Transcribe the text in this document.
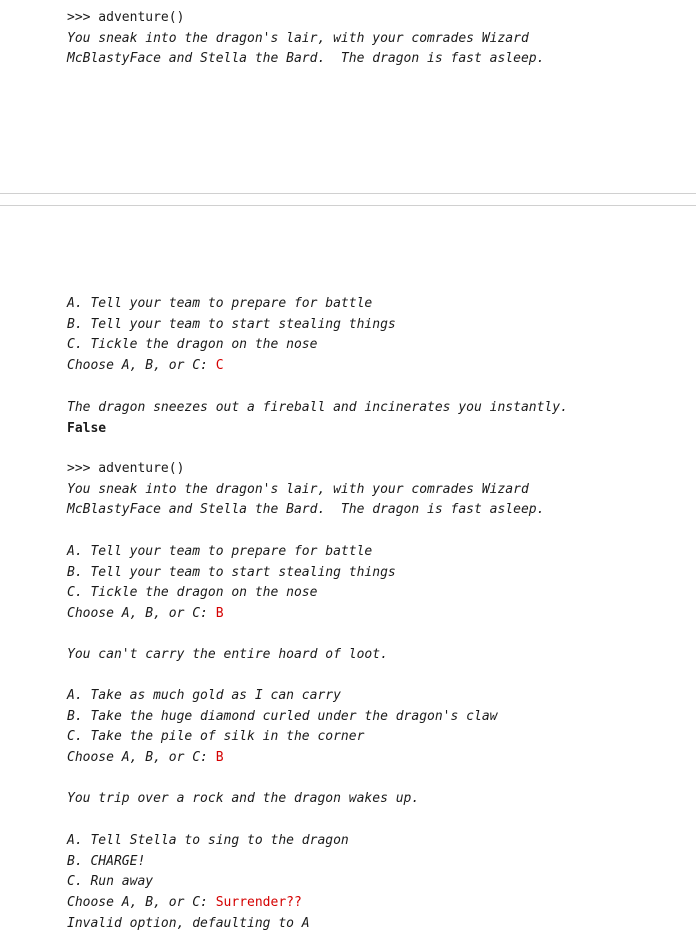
>>> adventure()
You sneak into the dragon's lair, with your comrades Wizard
McBlastyFace and Stella the Bard.  The dragon is fast asleep.
A. Tell your team to prepare for battle
B. Tell your team to start stealing things
C. Tickle the dragon on the nose
Choose A, B, or C: C
The dragon sneezes out a fireball and incinerates you instantly.
False
>>> adventure()
You sneak into the dragon's lair, with your comrades Wizard
McBlastyFace and Stella the Bard.  The dragon is fast asleep.
A. Tell your team to prepare for battle
B. Tell your team to start stealing things
C. Tickle the dragon on the nose
Choose A, B, or C: B
You can't carry the entire hoard of loot.
A. Take as much gold as I can carry
B. Take the huge diamond curled under the dragon's claw
C. Take the pile of silk in the corner
Choose A, B, or C: B
You trip over a rock and the dragon wakes up.
A. Tell Stella to sing to the dragon
B. CHARGE!
C. Run away
Choose A, B, or C: Surrender??
Invalid option, defaulting to A
